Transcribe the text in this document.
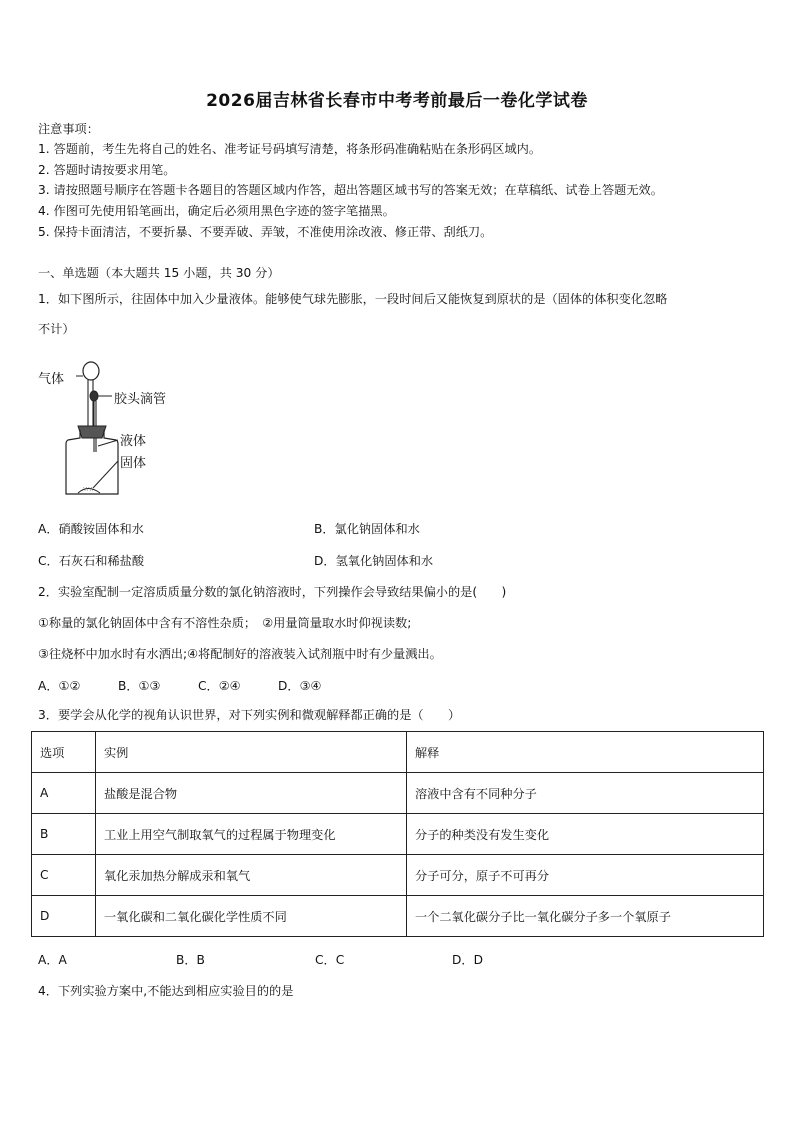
2026届吉林省长春市中考考前最后一卷化学试卷
注意事项：
1. 答题前，考生先将自己的姓名、准考证号码填写清楚，将条形码准确粘贴在条形码区域内。
2. 答题时请按要求用笔。
3. 请按照题号顺序在答题卡各题目的答题区域内作答，超出答题区域书写的答案无效；在草稿纸、试卷上答题无效。
4. 作图可先使用铅笔画出，确定后必须用黑色字迹的签字笔描黑。
5. 保持卡面清洁，不要折暴、不要弄破、弄皱，不准使用涂改液、修正带、刮纸刀。
一、单选题（本大题共 15 小题，共 30 分）
1．如下图所示，往固体中加入少量液体。能够使气球先膨胀，一段时间后又能恢复到原状的是（固体的体积变化忽略
不计）
∴∵∴
气体
胶头滴管
液体
固体
A．硝酸铵固体和水	B．氯化钠固体和水
C．石灰石和稀盐酸	D．氢氧化钠固体和水
2．实验室配制一定溶质质量分数的氯化钠溶液时，下列操作会导致结果偏小的是(　　)
①称量的氯化钠固体中含有不溶性杂质；　②用量筒量取水时仰视读数;
③往烧杯中加水时有水洒出;④将配制好的溶液装入试剂瓶中时有少量溅出。
A．①②	B．①③	C．②④	D．③④
3．要学会从化学的视角认识世界，对下列实例和微观解释都正确的是（　　）
选项	实例	解释
A	盐酸是混合物	溶液中含有不同种分子
B	工业上用空气制取氧气的过程属于物理变化	分子的种类没有发生变化
C	氧化汞加热分解成汞和氧气	分子可分，原子不可再分
D	一氧化碳和二氧化碳化学性质不同	一个二氧化碳分子比一氧化碳分子多一个氧原子
A．A	B．B	C．C	D．D
4．下列实验方案中,不能达到相应实验目的的是
